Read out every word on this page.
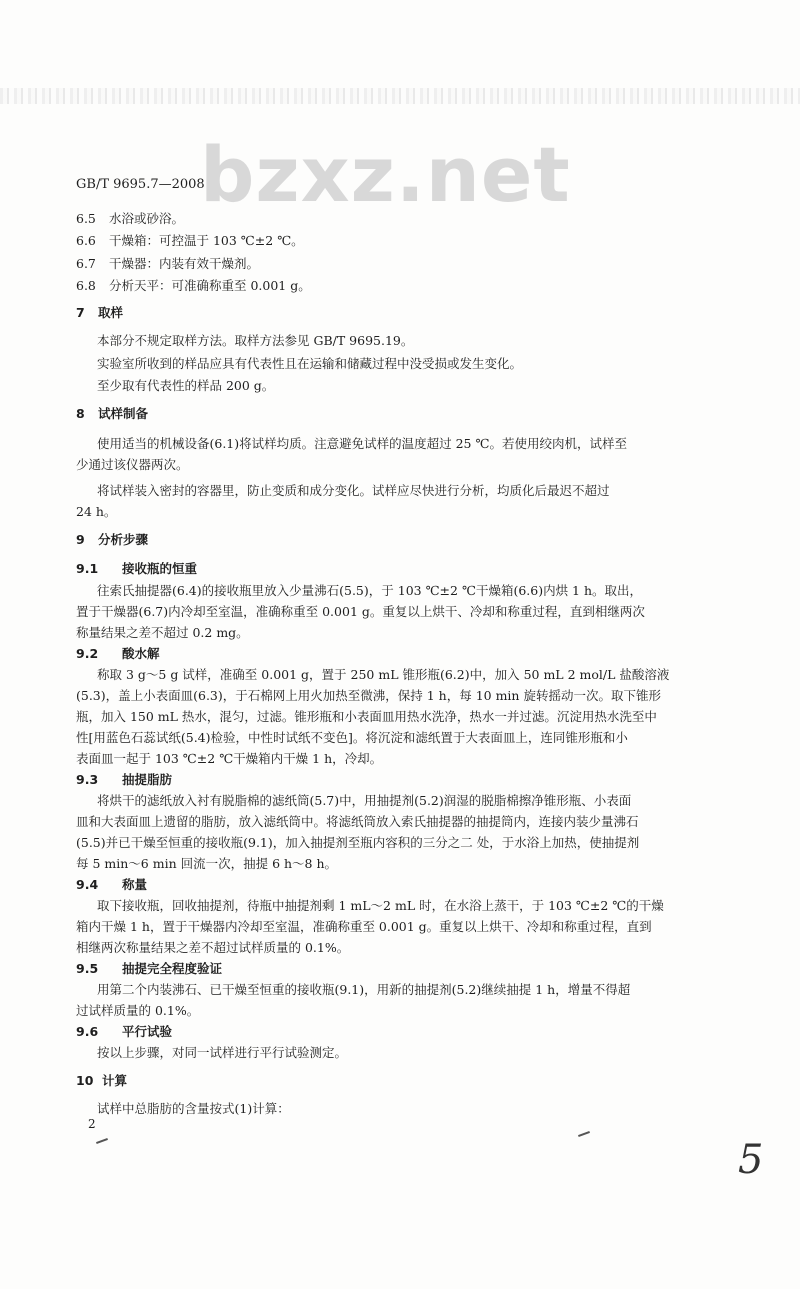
bzxz.net
GB/T 9695.7—2008
6.5 水浴或砂浴。
6.6 干燥箱：可控温于 103 ℃±2 ℃。
6.7 干燥器：内装有效干燥剂。
6.8 分析天平：可准确称重至 0.001 g。
7 取样
本部分不规定取样方法。取样方法参见 GB/T 9695.19。
实验室所收到的样品应具有代表性且在运输和储藏过程中没受损或发生变化。
至少取有代表性的样品 200 g。
8 试样制备
使用适当的机械设备(6.1)将试样均质。注意避免试样的温度超过 25 ℃。若使用绞肉机，试样至
少通过该仪器两次。
将试样装入密封的容器里，防止变质和成分变化。试样应尽快进行分析，均质化后最迟不超过
24 h。
9 分析步骤
9.1 接收瓶的恒重
往索氏抽提器(6.4)的接收瓶里放入少量沸石(5.5)，于 103 ℃±2 ℃干燥箱(6.6)内烘 1 h。取出，
置于干燥器(6.7)内冷却至室温，准确称重至 0.001 g。重复以上烘干、冷却和称重过程，直到相继两次
称量结果之差不超过 0.2 mg。
9.2 酸水解
称取 3 g～5 g 试样，准确至 0.001 g，置于 250 mL 锥形瓶(6.2)中，加入 50 mL 2 mol/L 盐酸溶液
(5.3)，盖上小表面皿(6.3)，于石棉网上用火加热至微沸，保持 1 h，每 10 min 旋转摇动一次。取下锥形
瓶，加入 150 mL 热水，混匀，过滤。锥形瓶和小表面皿用热水洗净，热水一并过滤。沉淀用热水洗至中
性[用蓝色石蕊试纸(5.4)检验，中性时试纸不变色]。将沉淀和滤纸置于大表面皿上，连同锥形瓶和小
表面皿一起于 103 ℃±2 ℃干燥箱内干燥 1 h，冷却。
9.3 抽提脂肪
将烘干的滤纸放入衬有脱脂棉的滤纸筒(5.7)中，用抽提剂(5.2)润湿的脱脂棉擦净锥形瓶、小表面
皿和大表面皿上遗留的脂肪，放入滤纸筒中。将滤纸筒放入索氏抽提器的抽提筒内，连接内装少量沸石
(5.5)并已干燥至恒重的接收瓶(9.1)，加入抽提剂至瓶内容积的三分之二 处，于水浴上加热，使抽提剂
每 5 min～6 min 回流一次，抽提 6 h～8 h。
9.4 称量
取下接收瓶，回收抽提剂，待瓶中抽提剂剩 1 mL～2 mL 时，在水浴上蒸干，于 103 ℃±2 ℃的干燥
箱内干燥 1 h，置于干燥器内冷却至室温，准确称重至 0.001 g。重复以上烘干、冷却和称重过程，直到
相继两次称量结果之差不超过试样质量的 0.1%。
9.5 抽提完全程度验证
用第二个内装沸石、已干燥至恒重的接收瓶(9.1)，用新的抽提剂(5.2)继续抽提 1 h，增量不得超
过试样质量的 0.1%。
9.6 平行试验
按以上步骤，对同一试样进行平行试验测定。
10 计算
试样中总脂肪的含量按式(1)计算：
2
5
